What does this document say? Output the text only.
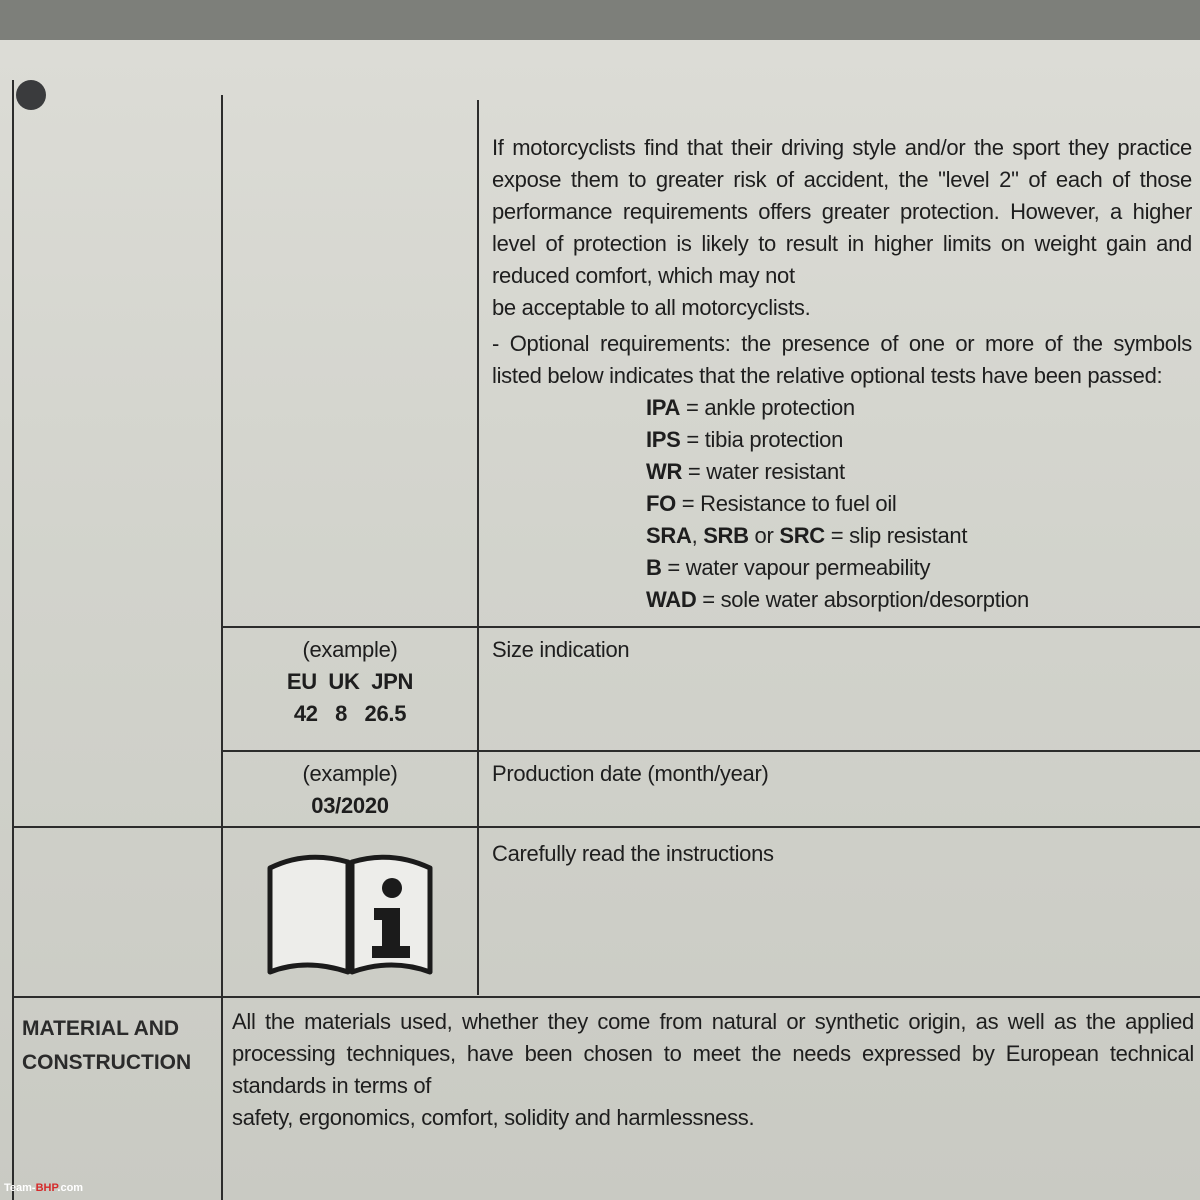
If motorcyclists find that their driving style and/or the sport they practice expose them to greater risk of accident, the "level 2" of each of those performance requirements offers greater protection. However, a higher level of protection is likely to result in higher limits on weight gain and reduced comfort, which may not
be acceptable to all motorcyclists.
- Optional requirements: the presence of one or more of the symbols listed below indicates that the relative optional tests have been passed:
IPA = ankle protection
IPS = tibia protection
WR = water resistant
FO = Resistance to fuel oil
SRA, SRB or SRC = slip resistant
B = water vapour permeability
WAD = sole water absorption/desorption
(example)
EU  UK  JPN
42   8   26.5
Size indication
(example)
03/2020
Production date (month/year)
Carefully read the instructions
MATERIAL AND
CONSTRUCTION
All the materials used, whether they come from natural or synthetic origin, as well as the applied processing techniques, have been chosen to meet the needs expressed by European technical standards in terms of
safety, ergonomics, comfort, solidity and harmlessness.
Team-BHP.com
